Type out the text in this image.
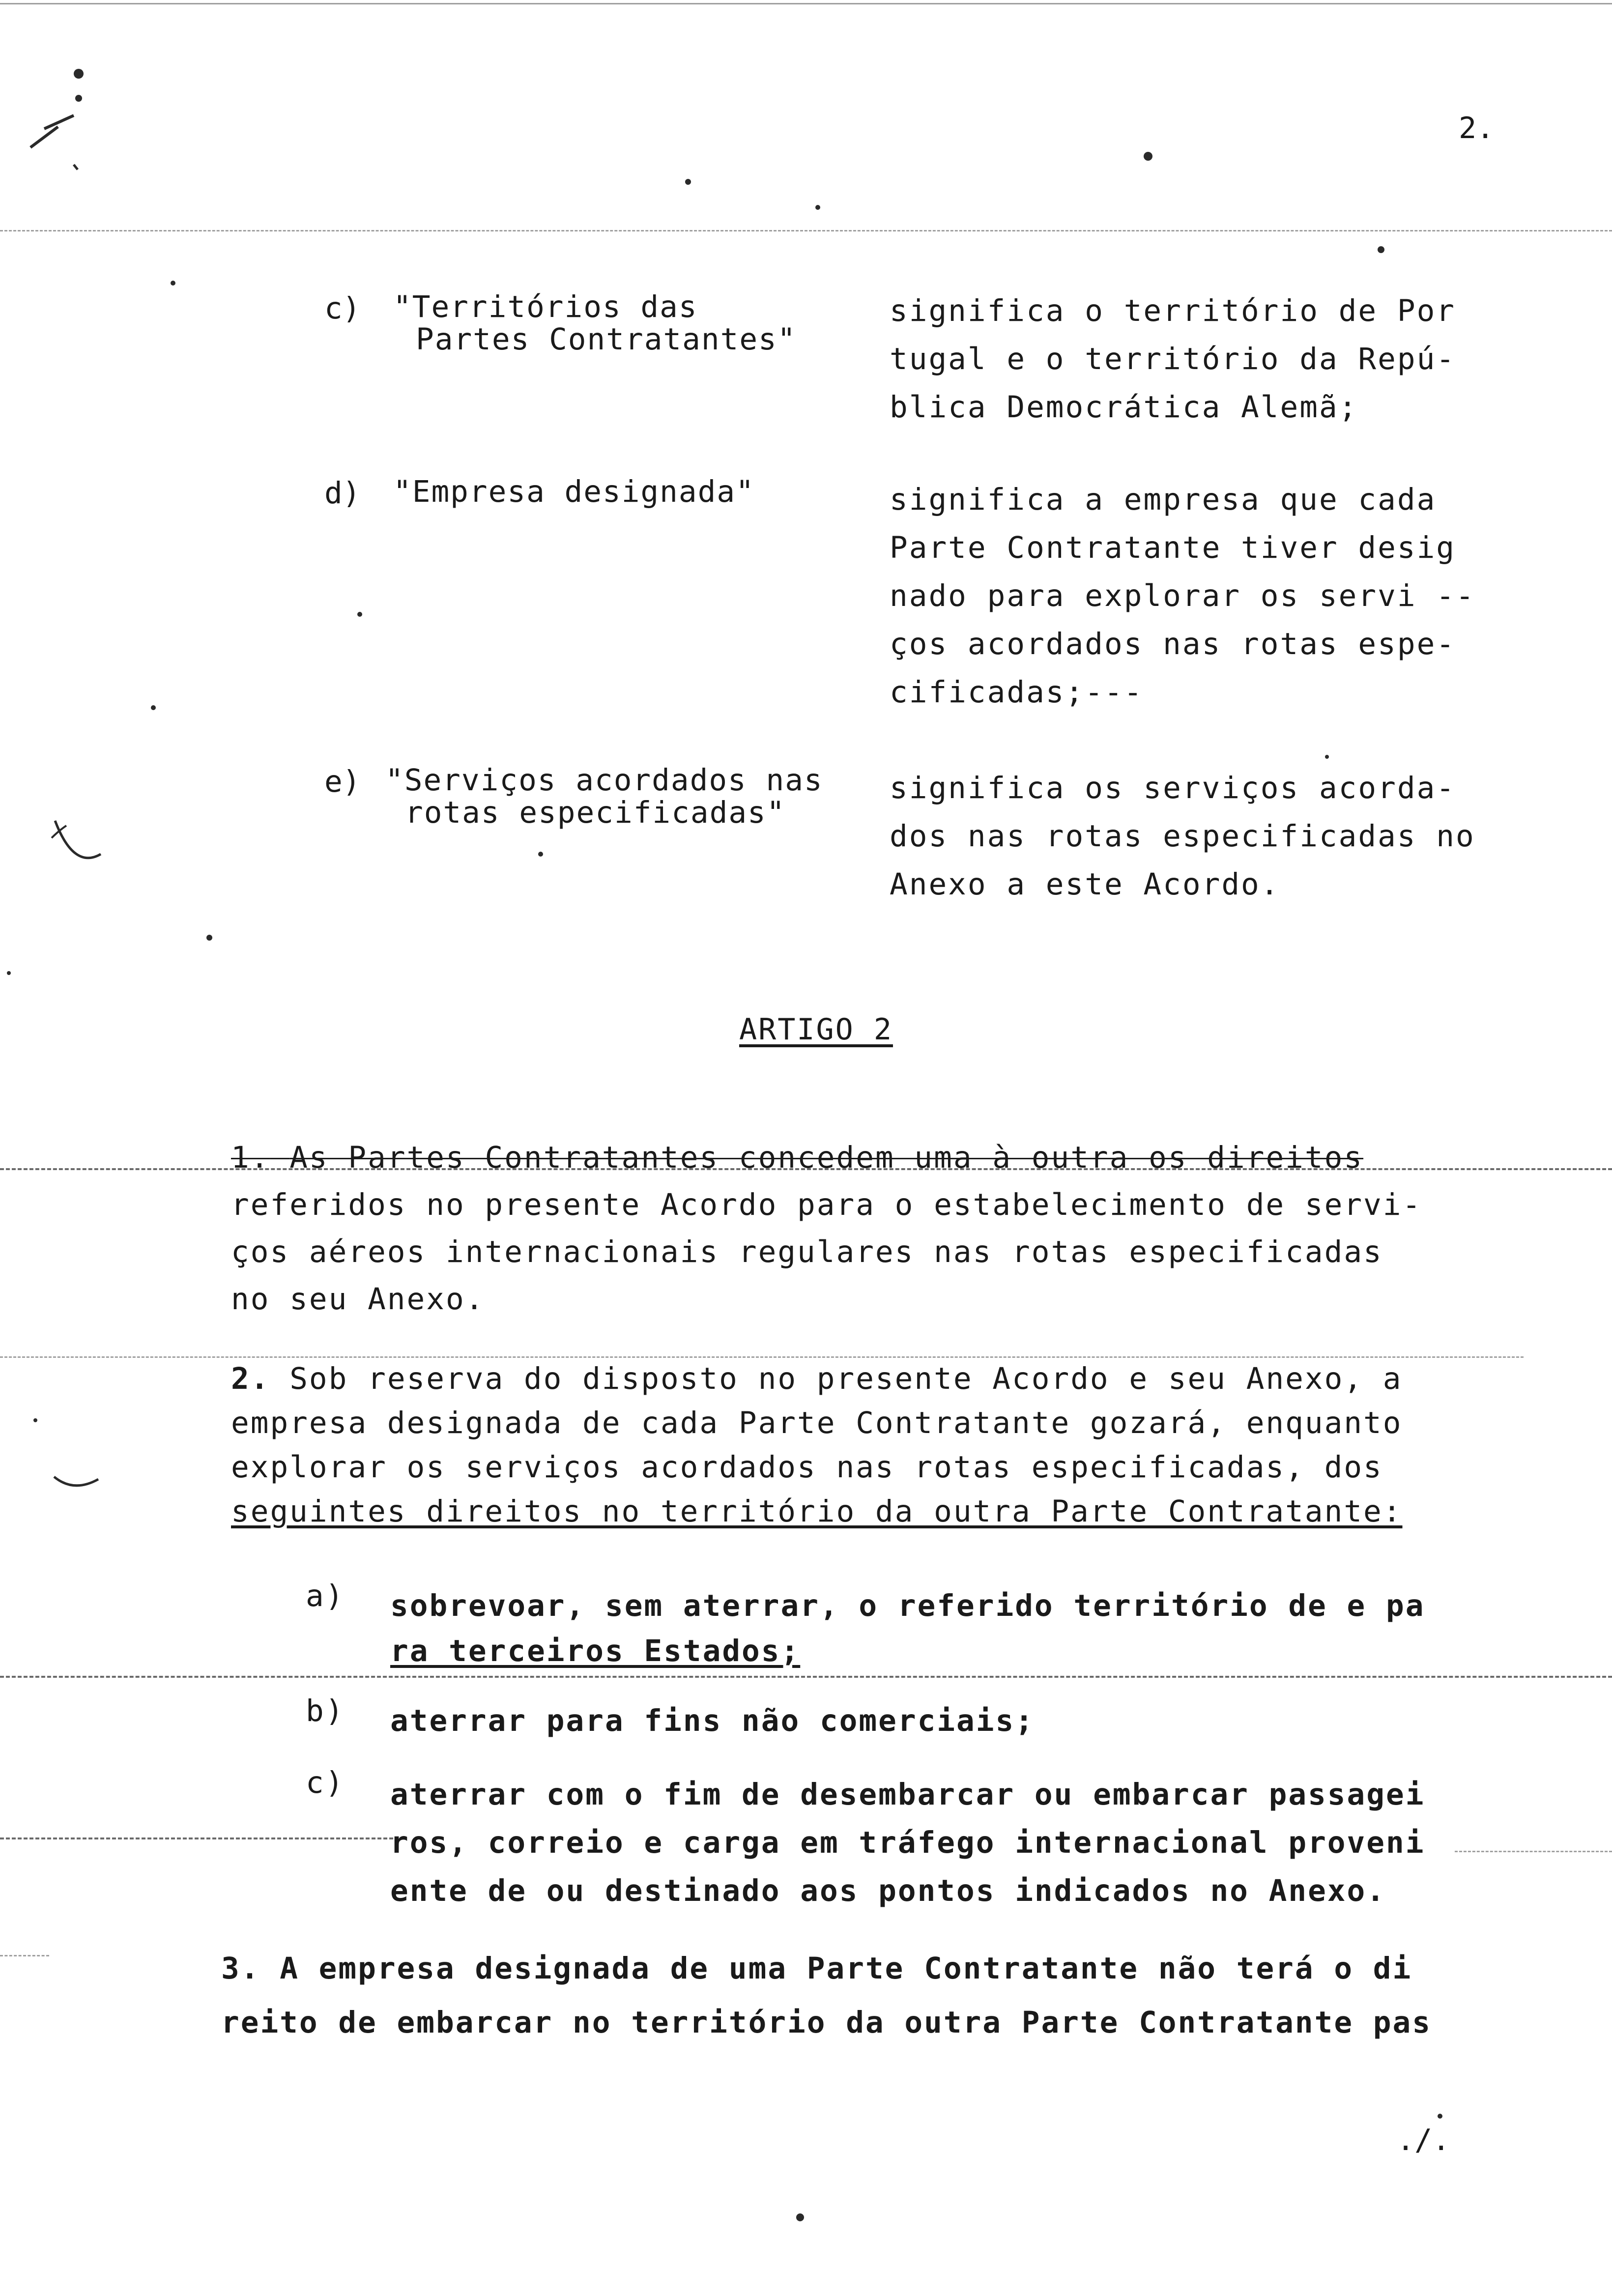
2.
c) "Territórios das
Partes Contratantes"
significa o território de Por
tugal e o território da Repú-
blica Democrática Alemã;
d) "Empresa designada"	significa a empresa que cada
Parte Contratante tiver desig
nado para explorar os servi --
ços acordados nas rotas espe-
cificadas;---
e) "Serviços acordados nas
rotas especificadas"
significa os serviços acorda-
dos nas rotas especificadas no
Anexo a este Acordo.
ARTIGO 2
1. As Partes Contratantes concedem uma à outra os direitos
referidos no presente Acordo para o estabelecimento de servi-
ços aéreos internacionais regulares nas rotas especificadas
no seu Anexo.
2. Sob reserva do disposto no presente Acordo e seu Anexo, a
empresa designada de cada Parte Contratante gozará, enquanto
explorar os serviços acordados nas rotas especificadas, dos
seguintes direitos no território da outra Parte Contratante:
a) sobrevoar, sem aterrar, o referido território de e pa
ra terceiros Estados;
b) aterrar para fins não comerciais;
c) aterrar com o fim de desembarcar ou embarcar passagei
ros, correio e carga em tráfego internacional proveni
ente de ou destinado aos pontos indicados no Anexo.
3. A empresa designada de uma Parte Contratante não terá o di
reito de embarcar no território da outra Parte Contratante pas
./.
